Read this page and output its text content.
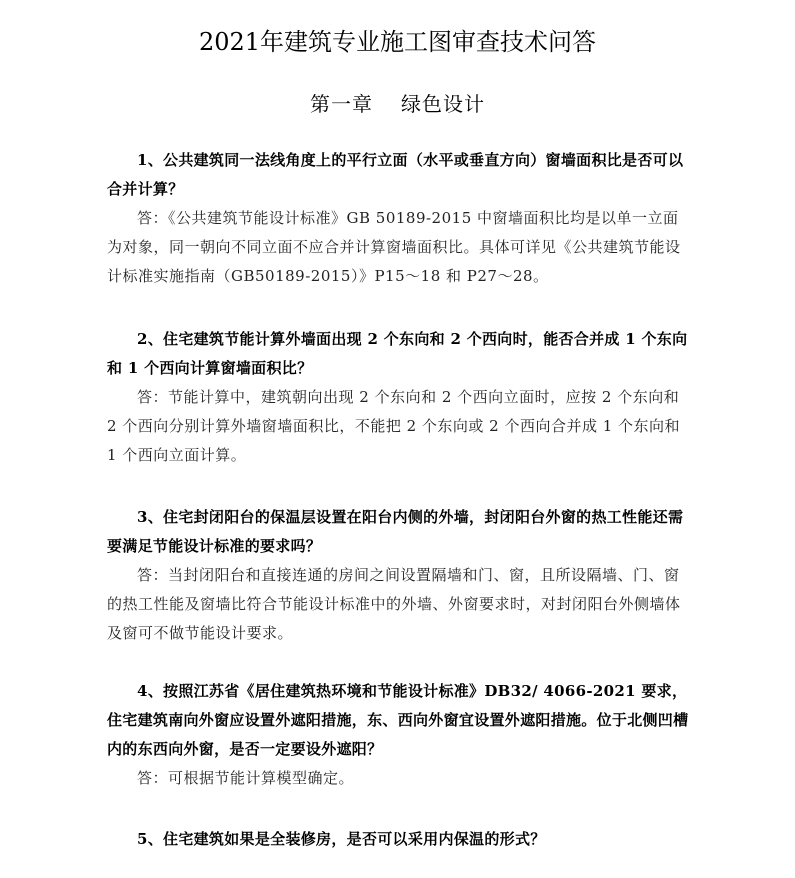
2021年建筑专业施工图审查技术问答
第一章 绿色设计

1、公共建筑同一法线角度上的平行立面（水平或垂直方向）窗墙面积比是否可以合并计算？

答：《公共建筑节能设计标准》GB 50189-2015 中窗墙面积比均是以单一立面为对象，同一朝向不同立面不应合并计算窗墙面积比。具体可详见《公共建筑节能设计标准实施指南（GB50189-2015）》P15～18 和 P27～28。

2、住宅建筑节能计算外墙面出现 2 个东向和 2 个西向时，能否合并成 1 个东向和 1 个西向计算窗墙面积比？

答：节能计算中，建筑朝向出现 2 个东向和 2 个西向立面时，应按 2 个东向和 2 个西向分别计算外墙窗墙面积比，不能把 2 个东向或 2 个西向合并成 1 个东向和 1 个西向立面计算。

3、住宅封闭阳台的保温层设置在阳台内侧的外墙，封闭阳台外窗的热工性能还需要满足节能设计标准的要求吗？

答：当封闭阳台和直接连通的房间之间设置隔墙和门、窗，且所设隔墙、门、窗的热工性能及窗墙比符合节能设计标准中的外墙、外窗要求时，对封闭阳台外侧墙体及窗可不做节能设计要求。

4、按照江苏省《居住建筑热环境和节能设计标准》DB32/ 4066-2021 要求，住宅建筑南向外窗应设置外遮阳措施，东、西向外窗宜设置外遮阳措施。位于北侧凹槽内的东西向外窗，是否一定要设外遮阳？

答：可根据节能计算模型确定。

5、住宅建筑如果是全装修房，是否可以采用内保温的形式？
